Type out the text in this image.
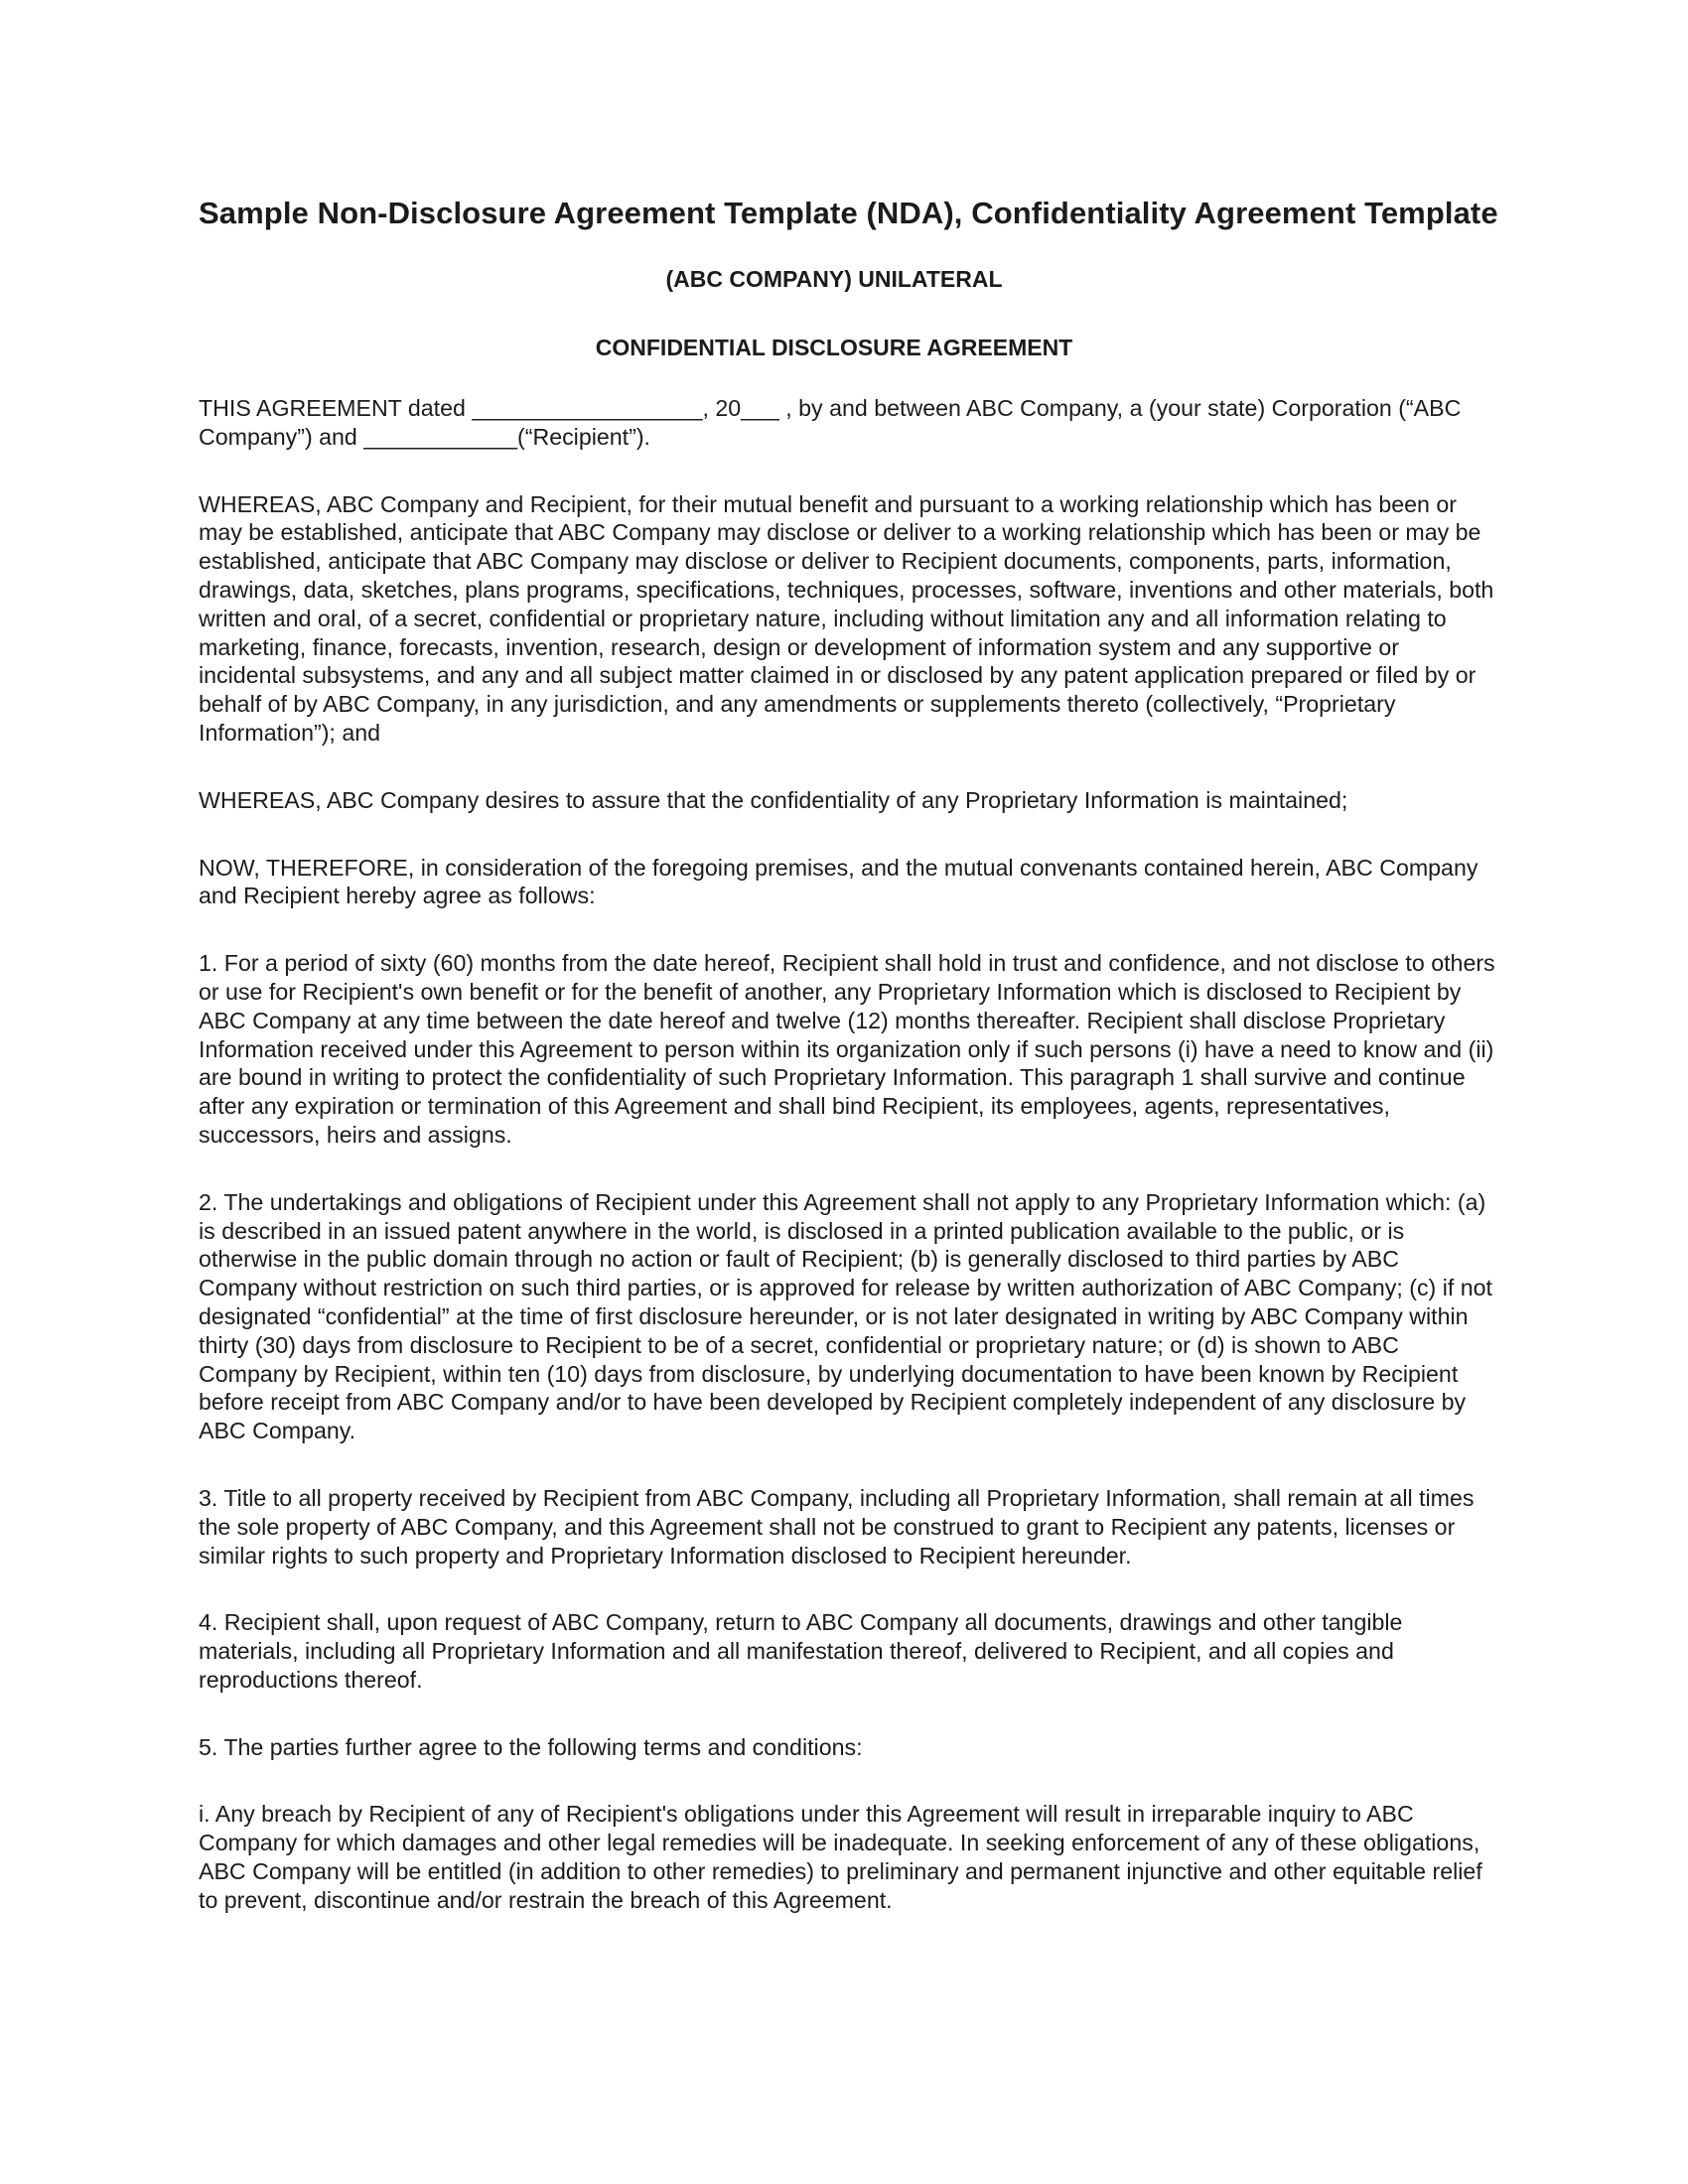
Sample Non-Disclosure Agreement Template (NDA), Confidentiality Agreement Template
(ABC COMPANY) UNILATERAL
CONFIDENTIAL DISCLOSURE AGREEMENT

THIS AGREEMENT dated __________________, 20___ , by and between ABC Company, a (your state) Corporation (“ABC Company”) and ____________(“Recipient”).

WHEREAS, ABC Company and Recipient, for their mutual benefit and pursuant to a working relationship which has been or may be established, anticipate that ABC Company may disclose or deliver to a working relationship which has been or may be established, anticipate that ABC Company may disclose or deliver to Recipient documents, components, parts, information, drawings, data, sketches, plans programs, specifications, techniques, processes, software, inventions and other materials, both written and oral, of a secret, confidential or proprietary nature, including without limitation any and all information relating to marketing, finance, forecasts, invention, research, design or development of information system and any supportive or incidental subsystems, and any and all subject matter claimed in or disclosed by any patent application prepared or filed by or behalf of by ABC Company, in any jurisdiction, and any amendments or supplements thereto (collectively, “Proprietary Information”); and

WHEREAS, ABC Company desires to assure that the confidentiality of any Proprietary Information is maintained;

NOW, THEREFORE, in consideration of the foregoing premises, and the mutual convenants contained herein, ABC Company and Recipient hereby agree as follows:

1. For a period of sixty (60) months from the date hereof, Recipient shall hold in trust and confidence, and not disclose to others or use for Recipient's own benefit or for the benefit of another, any Proprietary Information which is disclosed to Recipient by ABC Company at any time between the date hereof and twelve (12) months thereafter. Recipient shall disclose Proprietary Information received under this Agreement to person within its organization only if such persons (i) have a need to know and (ii) are bound in writing to protect the confidentiality of such Proprietary Information. This paragraph 1 shall survive and continue after any expiration or termination of this Agreement and shall bind Recipient, its employees, agents, representatives, successors, heirs and assigns.

2. The undertakings and obligations of Recipient under this Agreement shall not apply to any Proprietary Information which: (a) is described in an issued patent anywhere in the world, is disclosed in a printed publication available to the public, or is otherwise in the public domain through no action or fault of Recipient; (b) is generally disclosed to third parties by ABC Company without restriction on such third parties, or is approved for release by written authorization of ABC Company; (c) if not designated “confidential” at the time of first disclosure hereunder, or is not later designated in writing by ABC Company within thirty (30) days from disclosure to Recipient to be of a secret, confidential or proprietary nature; or (d) is shown to ABC Company by Recipient, within ten (10) days from disclosure, by underlying documentation to have been known by Recipient before receipt from ABC Company and/or to have been developed by Recipient completely independent of any disclosure by ABC Company.

3. Title to all property received by Recipient from ABC Company, including all Proprietary Information, shall remain at all times the sole property of ABC Company, and this Agreement shall not be construed to grant to Recipient any patents, licenses or similar rights to such property and Proprietary Information disclosed to Recipient hereunder.

4. Recipient shall, upon request of ABC Company, return to ABC Company all documents, drawings and other tangible materials, including all Proprietary Information and all manifestation thereof, delivered to Recipient, and all copies and reproductions thereof.

5. The parties further agree to the following terms and conditions:

i. Any breach by Recipient of any of Recipient's obligations under this Agreement will result in irreparable inquiry to ABC Company for which damages and other legal remedies will be inadequate. In seeking enforcement of any of these obligations, ABC Company will be entitled (in addition to other remedies) to preliminary and permanent injunctive and other equitable relief to prevent, discontinue and/or restrain the breach of this Agreement.
